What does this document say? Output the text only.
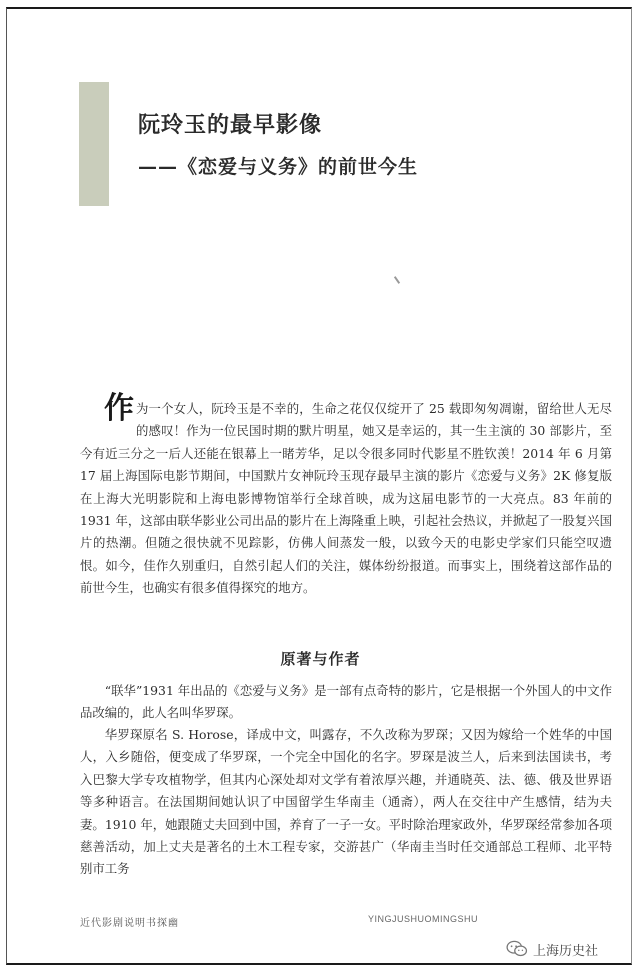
阮玲玉的最早影像
——《恋爱与义务》的前世今生

作为一个女人，阮玲玉是不幸的，生命之花仅仅绽开了 25 载即匆匆凋谢，留给世人无尽的感叹！作为一位民国时期的默片明星，她又是幸运的，其一生主演的 30 部影片，至今有近三分之一后人还能在银幕上一睹芳华，足以令很多同时代影星不胜钦羡！2014 年 6 月第 17 届上海国际电影节期间，中国默片女神阮玲玉现存最早主演的影片《恋爱与义务》2K 修复版在上海大光明影院和上海电影博物馆举行全球首映，成为这届电影节的一大亮点。83 年前的 1931 年，这部由联华影业公司出品的影片在上海隆重上映，引起社会热议，并掀起了一股复兴国片的热潮。但随之很快就不见踪影，仿佛人间蒸发一般，以致今天的电影史学家们只能空叹遗恨。如今，佳作久别重归，自然引起人们的关注，媒体纷纷报道。而事实上，围绕着这部作品的前世今生，也确实有很多值得探究的地方。

原著与作者

“联华”1931 年出品的《恋爱与义务》是一部有点奇特的影片，它是根据一个外国人的中文作品改编的，此人名叫华罗琛。

华罗琛原名 S. Horose，译成中文，叫露存，不久改称为罗琛；又因为嫁给一个姓华的中国人，入乡随俗，便变成了华罗琛，一个完全中国化的名字。罗琛是波兰人，后来到法国读书，考入巴黎大学专攻植物学，但其内心深处却对文学有着浓厚兴趣，并通晓英、法、德、俄及世界语等多种语言。在法国期间她认识了中国留学生华南圭（通斋），两人在交往中产生感情，结为夫妻。1910 年，她跟随丈夫回到中国，养育了一子一女。平时除治理家政外，华罗琛经常参加各项慈善活动，加上丈夫是著名的土木工程专家，交游甚广（华南圭当时任交通部总工程师、北平特别市工务

近代影剧说明书探幽	YINGJUSHUOMINGSHU
上海历史社
